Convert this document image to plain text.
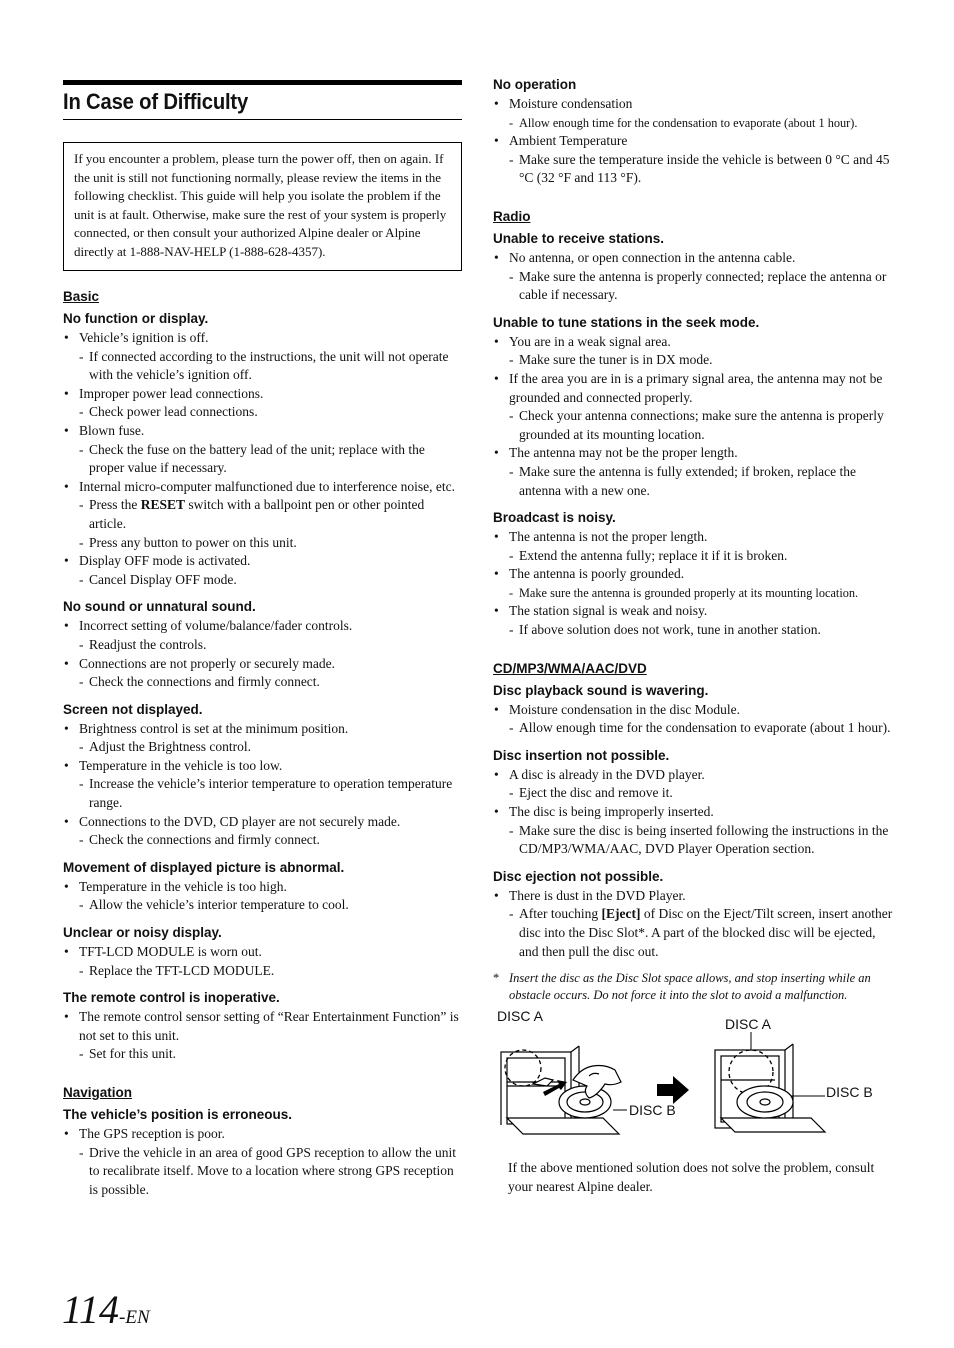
In Case of Difficulty
If you encounter a problem, please turn the power off, then on again. If the unit is still not functioning normally, please review the items in the following checklist. This guide will help you isolate the problem if the unit is at fault. Otherwise, make sure the rest of your system is properly connected, or then consult your authorized Alpine dealer or Alpine directly at 1-888-NAV-HELP (1-888-628-4357).
Basic
No function or display.
• Vehicle’s ignition is off.
- If connected according to the instructions, the unit will not operate with the vehicle’s ignition off.
• Improper power lead connections.
- Check power lead connections.
• Blown fuse.
- Check the fuse on the battery lead of the unit; replace with the proper value if necessary.
• Internal micro-computer malfunctioned due to interference noise, etc.
- Press the RESET switch with a ballpoint pen or other pointed article.
- Press any button to power on this unit.
• Display OFF mode is activated.
- Cancel Display OFF mode.
No sound or unnatural sound.
• Incorrect setting of volume/balance/fader controls.
- Readjust the controls.
• Connections are not properly or securely made.
- Check the connections and firmly connect.
Screen not displayed.
• Brightness control is set at the minimum position.
- Adjust the Brightness control.
• Temperature in the vehicle is too low.
- Increase the vehicle’s interior temperature to operation temperature range.
• Connections to the DVD, CD player are not securely made.
- Check the connections and firmly connect.
Movement of displayed picture is abnormal.
• Temperature in the vehicle is too high.
- Allow the vehicle’s interior temperature to cool.
Unclear or noisy display.
• TFT-LCD MODULE is worn out.
- Replace the TFT-LCD MODULE.
The remote control is inoperative.
• The remote control sensor setting of “Rear Entertainment Function” is not set to this unit.
- Set for this unit.
Navigation
The vehicle’s position is erroneous.
• The GPS reception is poor.
- Drive the vehicle in an area of good GPS reception to allow the unit to recalibrate itself. Move to a location where strong GPS reception is possible.
No operation
• Moisture condensation
- Allow enough time for the condensation to evaporate (about 1 hour).
• Ambient Temperature
- Make sure the temperature inside the vehicle is between 0 °C and 45 °C (32 °F and 113 °F).
Radio
Unable to receive stations.
• No antenna, or open connection in the antenna cable.
- Make sure the antenna is properly connected; replace the antenna or cable if necessary.
Unable to tune stations in the seek mode.
• You are in a weak signal area.
- Make sure the tuner is in DX mode.
• If the area you are in is a primary signal area, the antenna may not be grounded and connected properly.
- Check your antenna connections; make sure the antenna is properly grounded at its mounting location.
• The antenna may not be the proper length.
- Make sure the antenna is fully extended; if broken, replace the antenna with a new one.
Broadcast is noisy.
• The antenna is not the proper length.
- Extend the antenna fully; replace it if it is broken.
• The antenna is poorly grounded.
- Make sure the antenna is grounded properly at its mounting location.
• The station signal is weak and noisy.
- If above solution does not work, tune in another station.
CD/MP3/WMA/AAC/DVD
Disc playback sound is wavering.
• Moisture condensation in the disc Module.
- Allow enough time for the condensation to evaporate (about 1 hour).
Disc insertion not possible.
• A disc is already in the DVD player.
- Eject the disc and remove it.
• The disc is being improperly inserted.
- Make sure the disc is being inserted following the instructions in the CD/MP3/WMA/AAC, DVD Player Operation section.
Disc ejection not possible.
• There is dust in the DVD Player.
- After touching [Eject] of Disc on the Eject/Tilt screen, insert another disc into the Disc Slot*. A part of the blocked disc will be ejected, and then pull the disc out.
* Insert the disc as the Disc Slot space allows, and stop inserting while an obstacle occurs. Do not force it into the slot to avoid a malfunction.
DISC A
DISC B
DISC A
DISC B
If the above mentioned solution does not solve the problem, consult your nearest Alpine dealer.
114-EN
